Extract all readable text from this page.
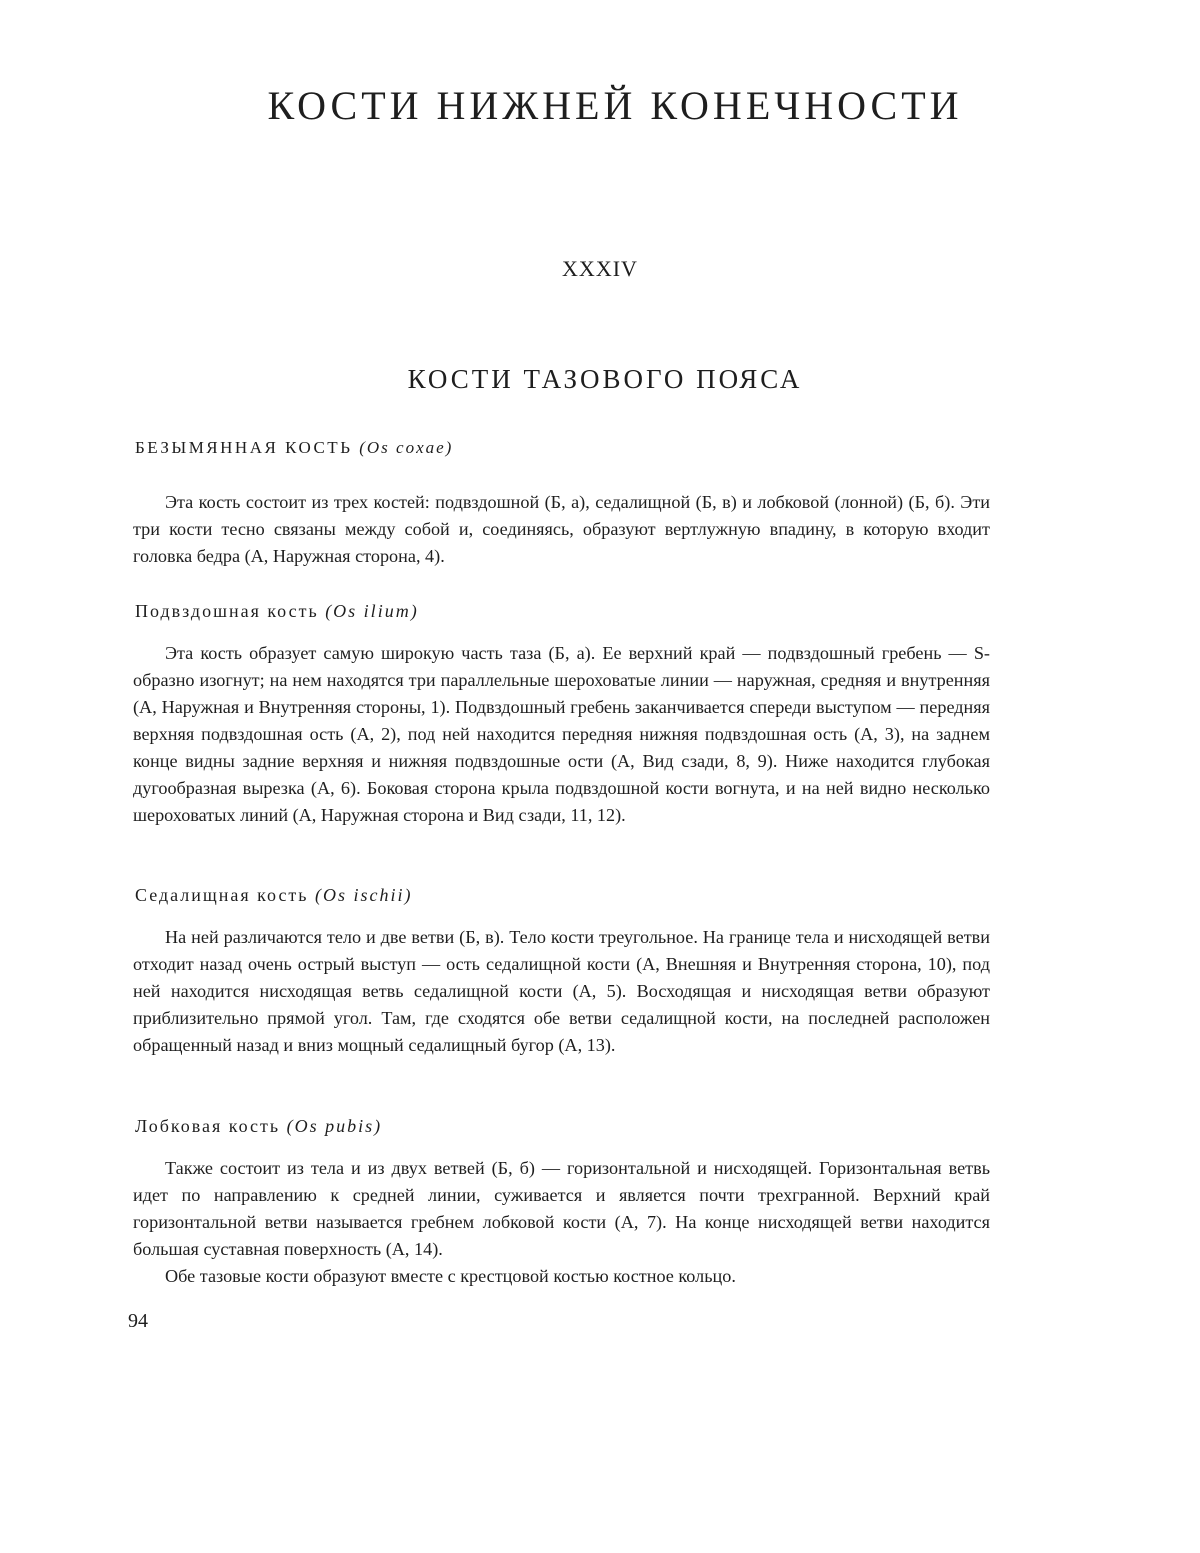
КОСТИ НИЖНЕЙ КОНЕЧНОСТИ
XXXIV
КОСТИ ТАЗОВОГО ПОЯСА
БЕЗЫМЯННАЯ КОСТЬ (Os coxae)

Эта кость состоит из трех костей: подвздошной (Б, а), седалищной (Б, в) и лобковой (лонной) (Б, б). Эти три кости тесно связаны между собой и, соединяясь, образуют вертлужную впадину, в которую входит головка бедра (А, Наружная сторона, 4).

Подвздошная кость (Os ilium)

Эта кость образует самую широкую часть таза (Б, а). Ее верхний край — подвздошный гребень — S-образно изогнут; на нем находятся три параллельные шероховатые линии — наружная, средняя и внутренняя (А, Наружная и Внутренняя стороны, 1). Подвздошный гребень заканчивается спереди выступом — передняя верхняя подвздошная ость (А, 2), под ней находится передняя нижняя подвздошная ость (А, 3), на заднем конце видны задние верхняя и нижняя подвздошные ости (А, Вид сзади, 8, 9). Ниже находится глубокая дугообразная вырезка (А, 6). Боковая сторона крыла подвздошной кости вогнута, и на ней видно несколько шероховатых линий (А, Наружная сторона и Вид сзади, 11, 12).

Седалищная кость (Os ischii)

На ней различаются тело и две ветви (Б, в). Тело кости треугольное. На границе тела и нисходящей ветви отходит назад очень острый выступ — ость седалищной кости (А, Внешняя и Внутренняя сторона, 10), под ней находится нисходящая ветвь седалищной кости (А, 5). Восходящая и нисходящая ветви образуют приблизительно прямой угол. Там, где сходятся обе ветви седалищной кости, на последней расположен обращенный назад и вниз мощный седалищный бугор (А, 13).

Лобковая кость (Os pubis)

Также состоит из тела и из двух ветвей (Б, б) — горизонтальной и нисходящей. Горизонтальная ветвь идет по направлению к средней линии, суживается и является почти трехгранной. Верхний край горизонтальной ветви называется гребнем лобковой кости (А, 7). На конце нисходящей ветви находится большая суставная поверхность (А, 14).

Обе тазовые кости образуют вместе с крестцовой костью костное кольцо.

94
